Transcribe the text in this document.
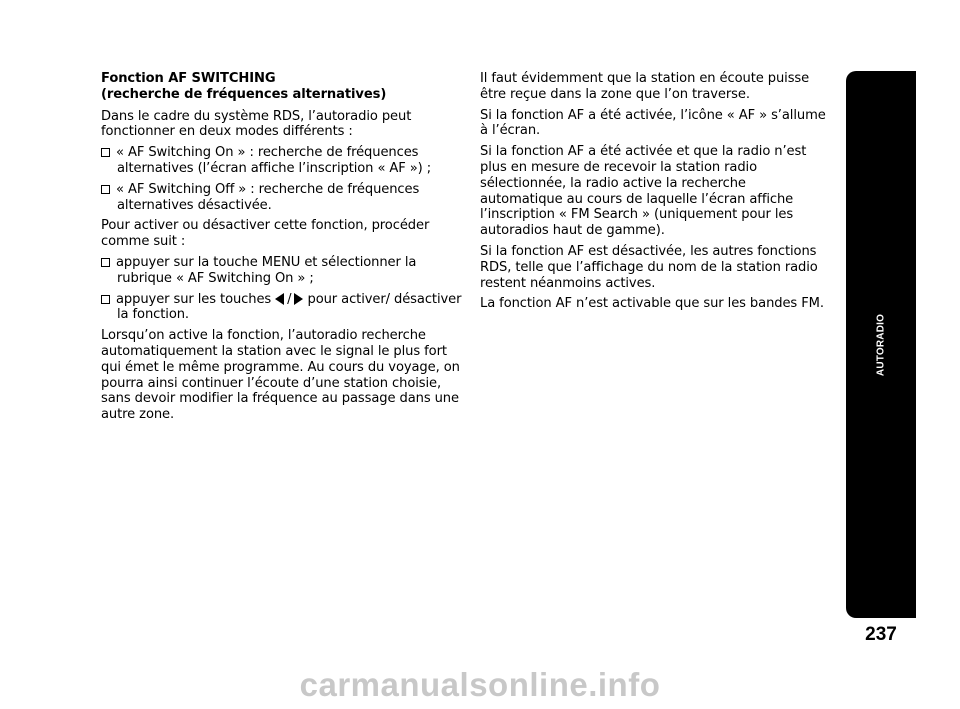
Fonction AF SWITCHING
(recherche de fréquences alternatives)

Dans le cadre du système RDS, l’autoradio peut fonctionner en deux modes différents :

« AF Switching On » : recherche de fréquences alternatives (l’écran affiche l’inscription « AF ») ;
« AF Switching Off » : recherche de fréquences alternatives désactivée.

Pour activer ou désactiver cette fonction, procéder comme suit :

appuyer sur la touche MENU et sélectionner la rubrique « AF Switching On » ;
appuyer sur les touches / pour activer/ désactiver la fonction.

Lorsqu’on active la fonction, l’autoradio recherche automatiquement la station avec le signal le plus fort qui émet le même programme. Au cours du voyage, on pourra ainsi continuer l’écoute d’une station choisie, sans devoir modifier la fréquence au passage dans une autre zone.

Il faut évidemment que la station en écoute puisse être reçue dans la zone que l’on traverse.

Si la fonction AF a été activée, l’icône « AF » s’allume à l’écran.

Si la fonction AF a été activée et que la radio n’est plus en mesure de recevoir la station radio sélectionnée, la radio active la recherche automatique au cours de laquelle l’écran affiche l’inscription « FM Search » (uniquement pour les autoradios haut de gamme).

Si la fonction AF est désactivée, les autres fonctions RDS, telle que l’affichage du nom de la station radio restent néanmoins actives.

La fonction AF n’est activable que sur les bandes FM.

AUTORADIO
237
carmanualsonline.info
